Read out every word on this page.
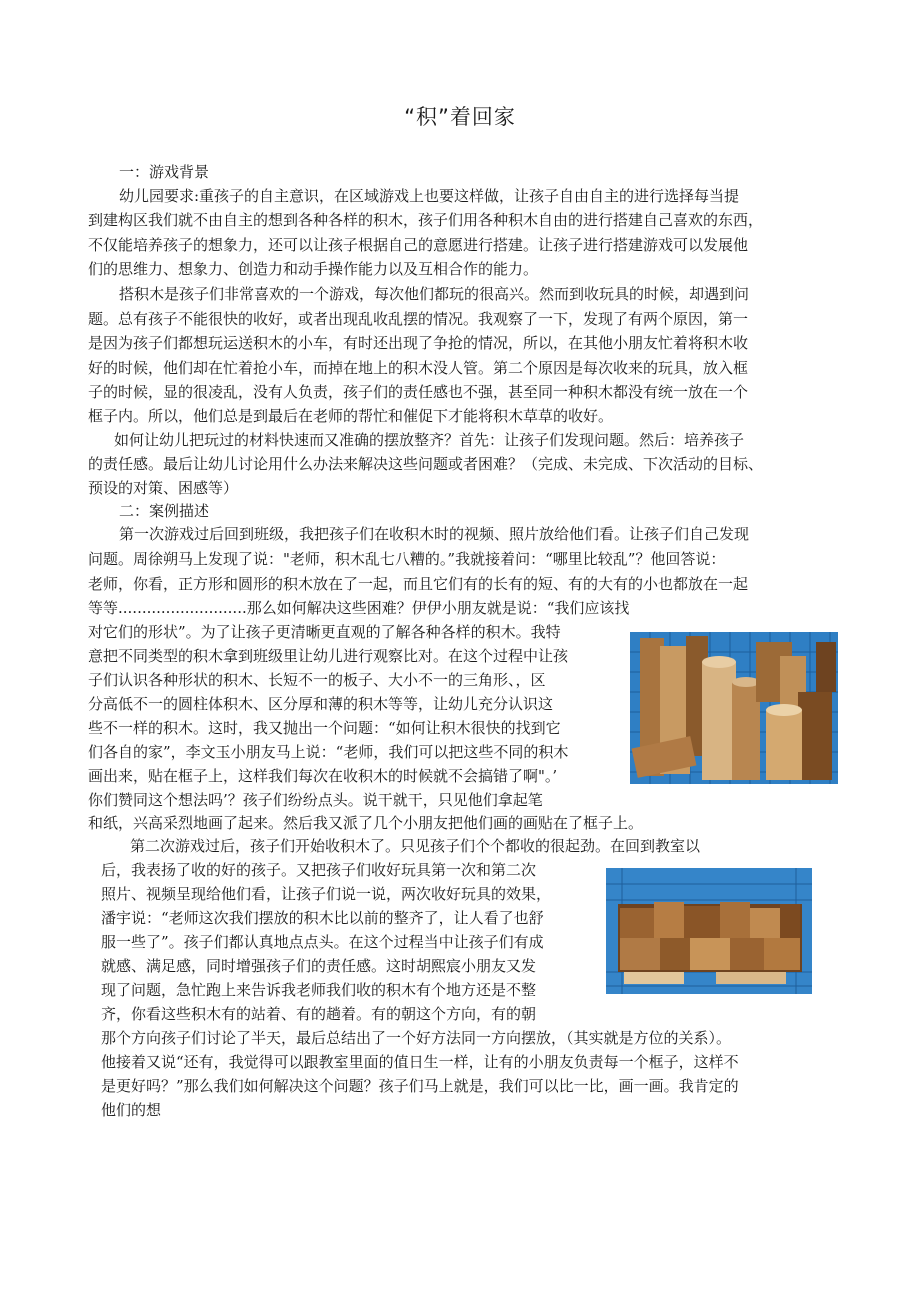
“积”着回家
一：游戏背景
幼儿园要求:重孩子的自主意识，在区域游戏上也要这样做，让孩子自由自主的进行选择每当提
到建构区我们就不由自主的想到各种各样的积木，孩子们用各种积木自由的进行搭建自己喜欢的东西，
不仅能培养孩子的想象力，还可以让孩子根据自己的意愿进行搭建。让孩子进行搭建游戏可以发展他
们的思维力、想象力、创造力和动手操作能力以及互相合作的能力。
搭积木是孩子们非常喜欢的一个游戏，每次他们都玩的很高兴。然而到收玩具的时候，却遇到问
题。总有孩子不能很快的收好，或者出现乱收乱摆的情况。我观察了一下，发现了有两个原因，第一
是因为孩子们都想玩运送积木的小车，有时还出现了争抢的情况，所以，在其他小朋友忙着将积木收
好的时候，他们却在忙着抢小车，而掉在地上的积木没人管。第二个原因是每次收来的玩具，放入框
子的时候，显的很凌乱，没有人负责，孩子们的责任感也不强，甚至同一种积木都没有统一放在一个
框子内。所以，他们总是到最后在老师的帮忙和催促下才能将积木草草的收好。
如何让幼儿把玩过的材料快速而又准确的摆放整齐？首先：让孩子们发现问题。然后：培养孩子
的责任感。最后让幼儿讨论用什么办法来解决这些问题或者困难？（完成、未完成、下次活动的目标、
预设的对策、困感等）
二：案例描述
第一次游戏过后回到班级，我把孩子们在收积木时的视频、照片放给他们看。让孩子们自己发现
问题。周徐朔马上发现了说："老师，积木乱七八糟的。”我就接着问：“哪里比较乱”？他回答说：
老师，你看，正方形和圆形的积木放在了一起，而且它们有的长有的短、有的大有的小也都放在一起
等等...........................那么如何解决这些困难？伊伊小朋友就是说：“我们应该找
对它们的形状”。为了让孩子更清晰更直观的了解各种各样的积木。我特
意把不同类型的积木拿到班级里让幼儿进行观察比对。在这个过程中让孩
子们认识各种形状的积木、长短不一的板子、大小不一的三角形、，区
分高低不一的圆柱体积木、区分厚和薄的积木等等，让幼儿充分认识这
些不一样的积木。这时，我又抛出一个问题：“如何让积木很快的找到它
们各自的家”，李文玉小朋友马上说：“老师，我们可以把这些不同的积木
画出来，贴在框子上，这样我们每次在收积木的时候就不会搞错了啊"。’
你们赞同这个想法吗’？孩子们纷纷点头。说干就干，只见他们拿起笔
和纸，兴高采烈地画了起来。然后我又派了几个小朋友把他们画的画贴在了框子上。
第二次游戏过后，孩子们开始收积木了。只见孩子们个个都收的很起劲。在回到教室以
后，我表扬了收的好的孩子。又把孩子们收好玩具第一次和第二次
照片、视频呈现给他们看，让孩子们说一说，两次收好玩具的效果，
潘宇说：“老师这次我们摆放的积木比以前的整齐了，让人看了也舒
服一些了”。孩子们都认真地点点头。在这个过程当中让孩子们有成
就感、满足感，同时增强孩子们的责任感。这时胡熙宸小朋友又发
现了问题，急忙跑上来告诉我老师我们收的积木有个地方还是不整
齐，你看这些积木有的站着、有的趟着。有的朝这个方向，有的朝
那个方向孩子们讨论了半天，最后总结出了一个好方法同一方向摆放，（其实就是方位的关系）。
他接着又说“还有，我觉得可以跟教室里面的值日生一样，让有的小朋友负责每一个框子，这样不
是更好吗？”那么我们如何解决这个问题？孩子们马上就是，我们可以比一比，画一画。我肯定的
他们的想
